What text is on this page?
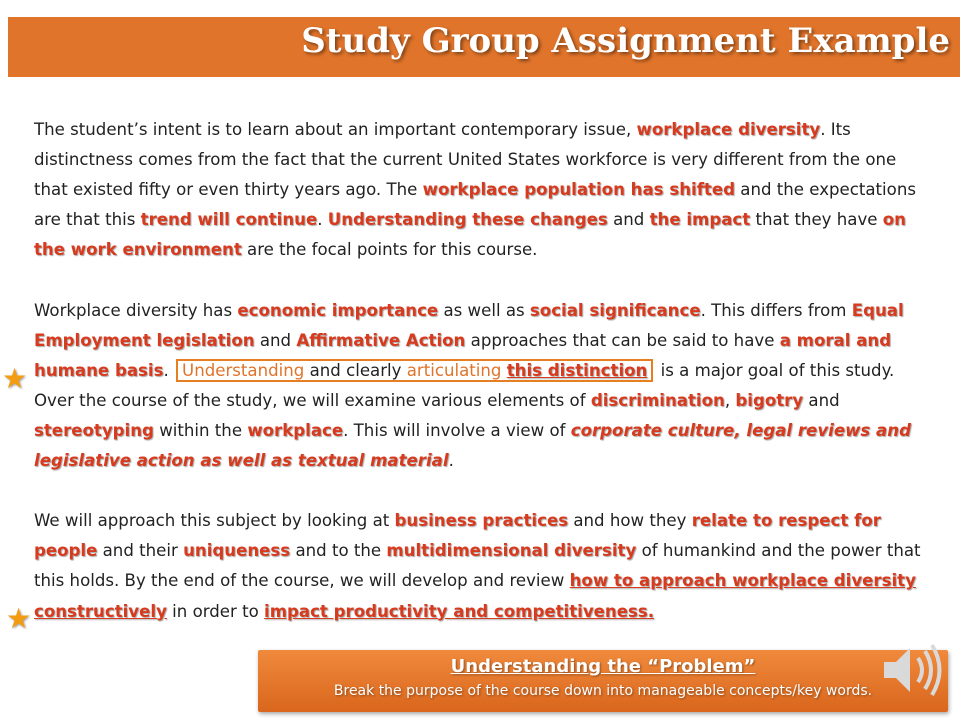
Study Group Assignment Example
★
★

The student’s intent is to learn about an important contemporary issue, workplace diversity. Its distinctness comes from the fact that the current United States workforce is very different from the one that existed fifty or even thirty years ago. The workplace population has shifted and the expectations are that this trend will continue. Understanding these changes and the impact that they have on the work environment are the focal points for this course.

Workplace diversity has economic importance as well as social significance. This differs from Equal Employment legislation and Affirmative Action approaches that can be said to have a moral and humane basis. Understanding and clearly articulating this distinction is a major goal of this study. Over the course of the study, we will examine various elements of discrimination, bigotry and stereotyping within the workplace. This will involve a view of corporate culture, legal reviews and legislative action as well as textual material.

We will approach this subject by looking at business practices and how they relate to respect for people and their uniqueness and to the multidimensional diversity of humankind and the power that this holds. By the end of the course, we will develop and review how to approach workplace diversity constructively in order to impact productivity and competitiveness.

Understanding the “Problem”
Break the purpose of the course down into manageable concepts/key words.
